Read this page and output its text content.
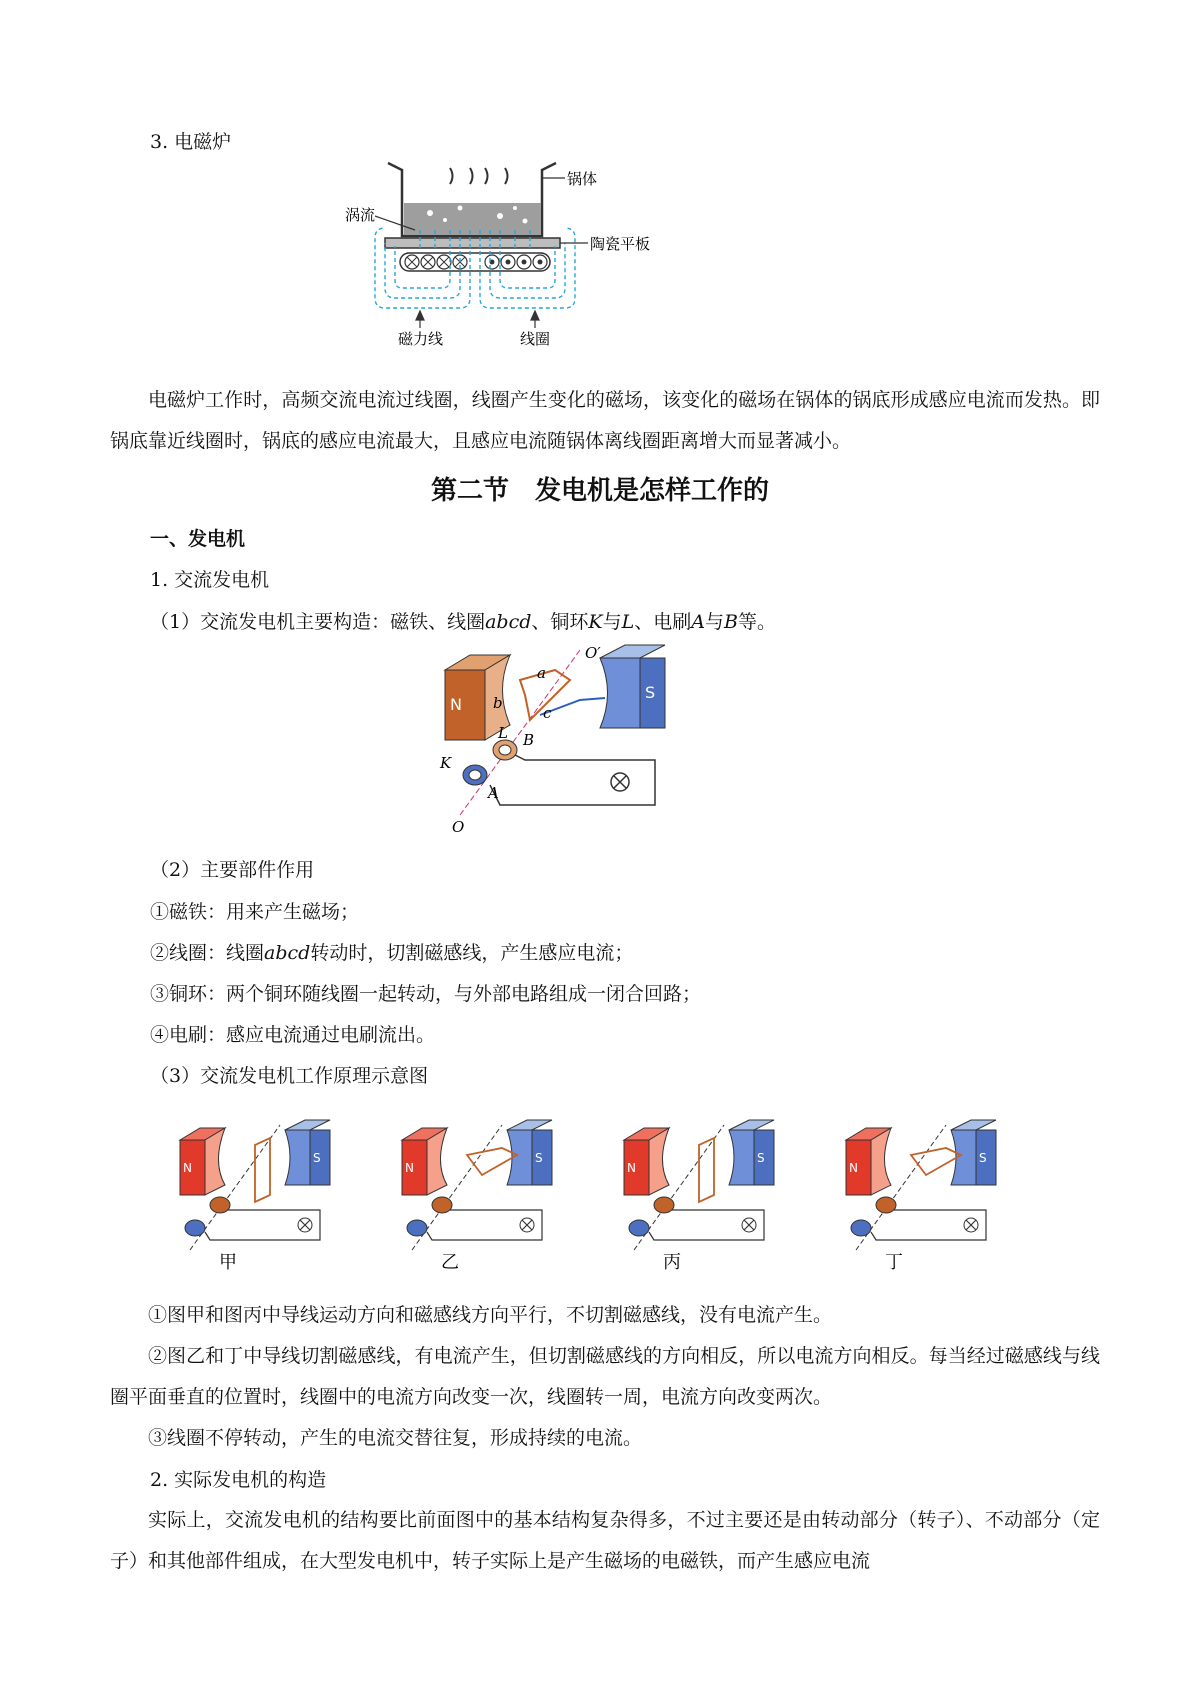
3. 电磁炉
锅体
陶瓷平板
涡流
磁力线	线圈
电磁炉工作时，高频交流电流过线圈，线圈产生变化的磁场，该变化的磁场在锅体的锅底形成感应电流而发热。即锅底靠近线圈时，锅底的感应电流最大，且感应电流随锅体离线圈距离增大而显著减小。
第二节　发电机是怎样工作的
一、发电机
1. 交流发电机
（1）交流发电机主要构造：磁铁、线圈abcd、铜环K与L、电刷A与B等。
N
S
b
a
c
L B
K
A
O
O′
（2）主要部件作用
①磁铁：用来产生磁场；
②线圈：线圈abcd转动时，切割磁感线，产生感应电流；
③铜环：两个铜环随线圈一起转动，与外部电路组成一闭合回路；
④电刷：感应电流通过电刷流出。
（3）交流发电机工作原理示意图
N
S
甲
N
S
乙
N
S
丙
N
S
丁
①图甲和图丙中导线运动方向和磁感线方向平行，不切割磁感线，没有电流产生。
②图乙和丁中导线切割磁感线，有电流产生，但切割磁感线的方向相反，所以电流方向相反。每当经过磁感线与线圈平面垂直的位置时，线圈中的电流方向改变一次，线圈转一周，电流方向改变两次。
③线圈不停转动，产生的电流交替往复，形成持续的电流。
2. 实际发电机的构造
实际上，交流发电机的结构要比前面图中的基本结构复杂得多，不过主要还是由转动部分（转子）、不动部分（定子）和其他部件组成，在大型发电机中，转子实际上是产生磁场的电磁铁，而产生感应电流
